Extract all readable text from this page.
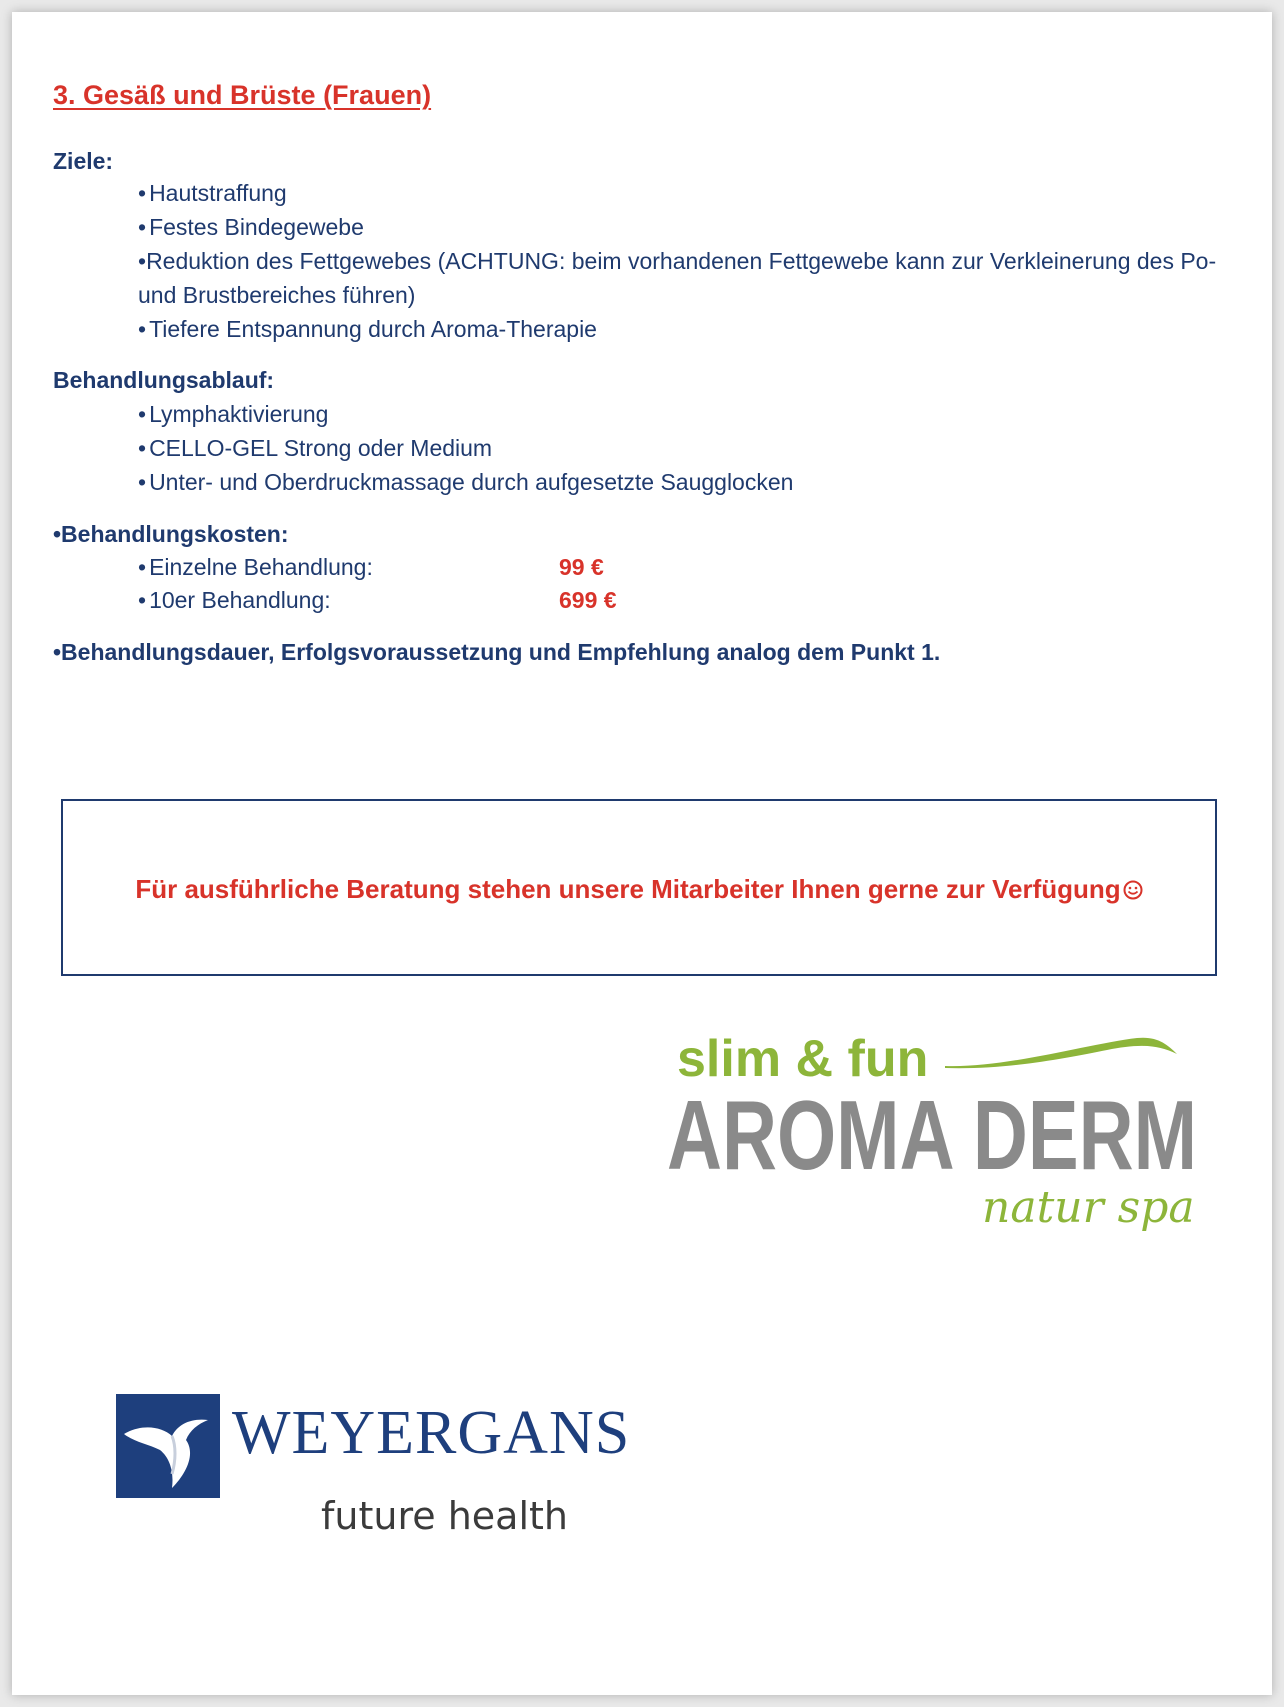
3. Gesäß und Brüste (Frauen)
Ziele:
• Hautstraffung
• Festes Bindegewebe
•Reduktion des Fettgewebes (ACHTUNG: beim vorhandenen Fettgewebe kann zur Verkleinerung des Po- und Brustbereiches führen)
• Tiefere Entspannung durch Aroma-Therapie
Behandlungsablauf:
• Lymphaktivierung
• CELLO-GEL Strong oder Medium
• Unter- und Oberdruckmassage durch aufgesetzte Saugglocken
•Behandlungskosten:
• Einzelne Behandlung:	99 €
• 10er Behandlung:	699 €
•Behandlungsdauer, Erfolgsvoraussetzung und Empfehlung analog dem Punkt 1.
Für ausführliche Beratung stehen unsere Mitarbeiter Ihnen gerne zur Verfügung
slim & fun
AROMA DERM
natur spa
WEYERGANS
future health
